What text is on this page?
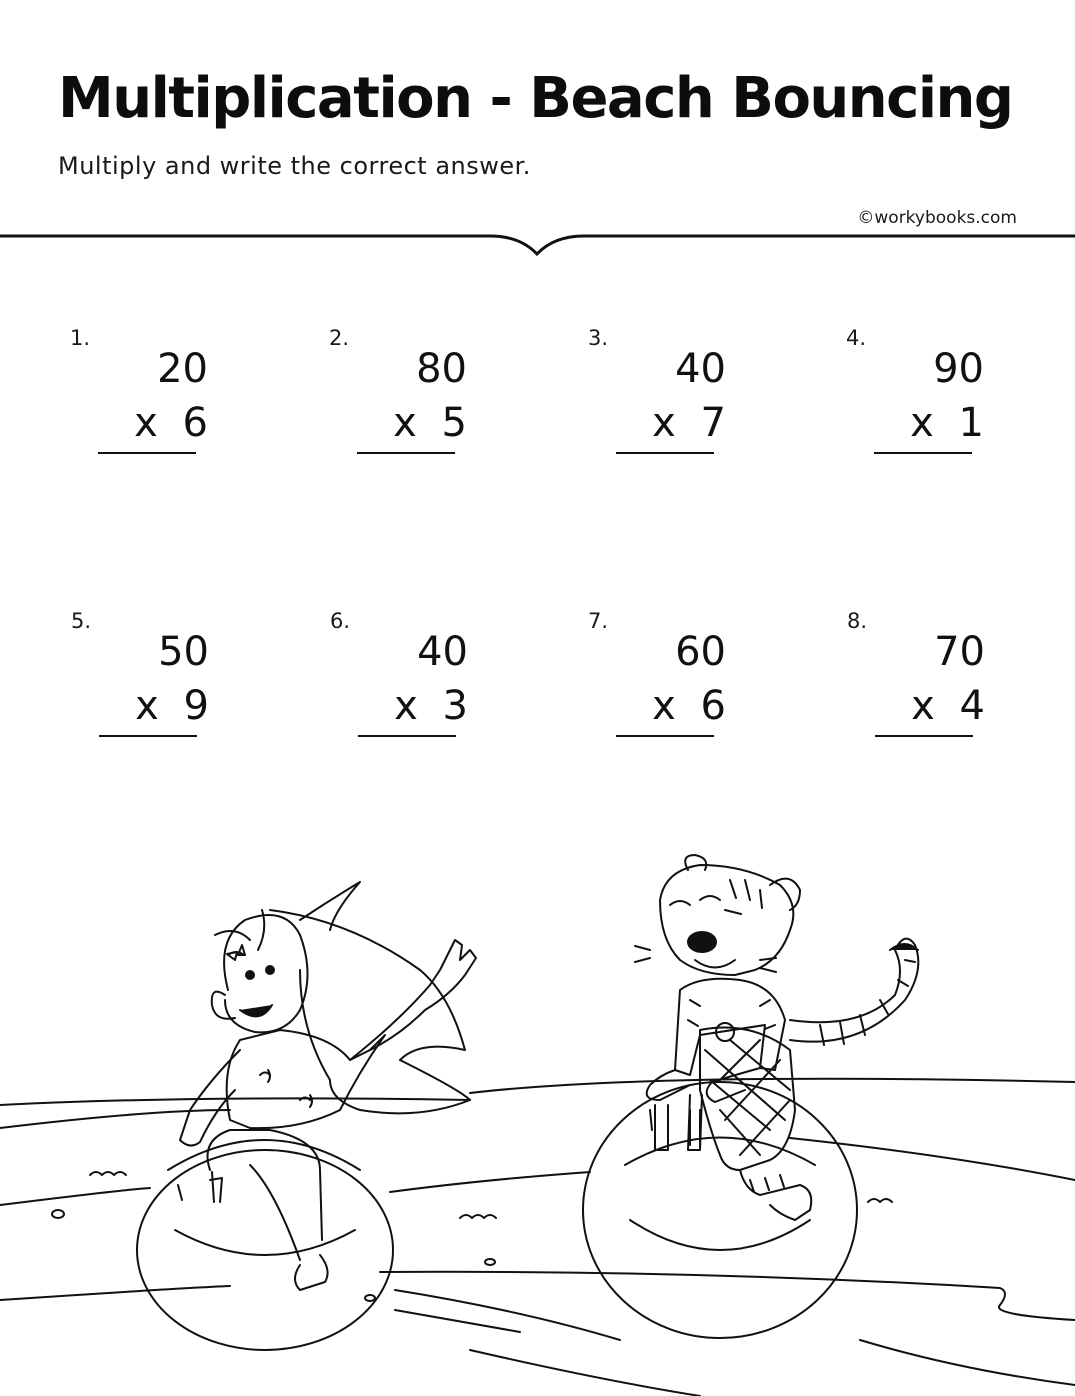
Multiplication - Beach Bouncing
Multiply and write the correct answer.
©workybooks.com
1.
20
x 6
2.
80
x 5
3.
40
x 7
4.
90
x 1
5.
50
x 9
6.
40
x 3
7.
60
x 6
8.
70
x 4
